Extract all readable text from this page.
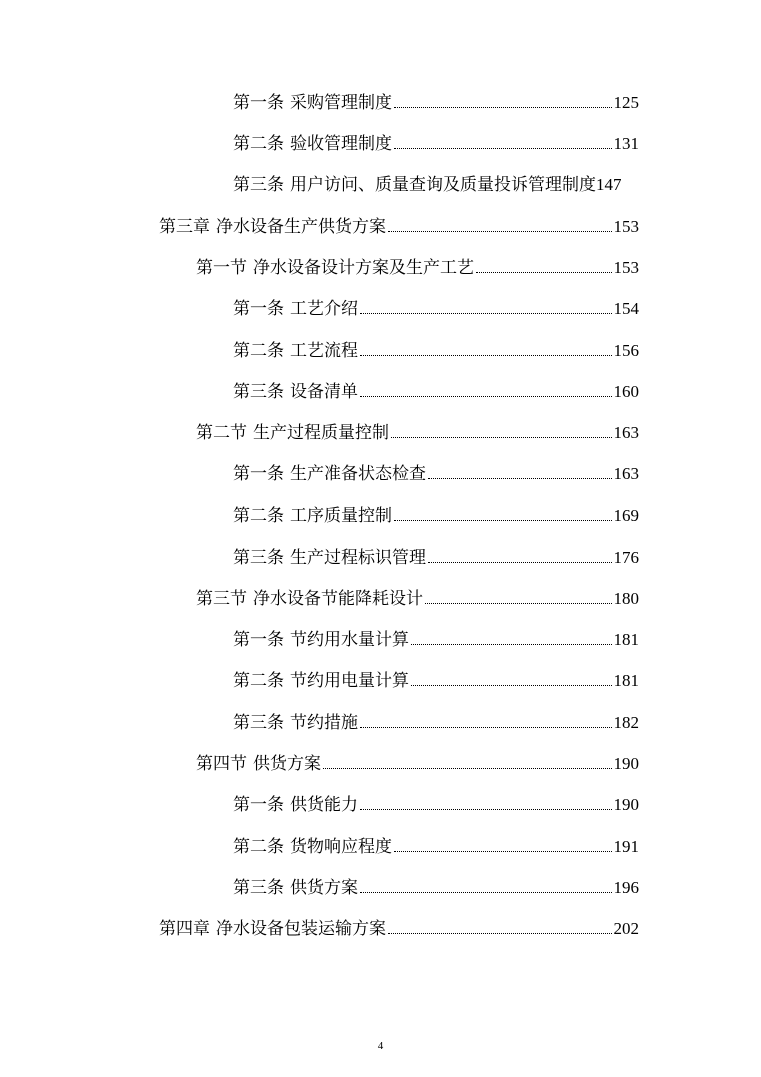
第一条 采购管理制度	125
第二条 验收管理制度	131
第三条 用户访问、质量查询及质量投诉管理制度 147
第三章 净水设备生产供货方案	153
第一节 净水设备设计方案及生产工艺	153
第一条 工艺介绍	154
第二条 工艺流程	156
第三条 设备清单	160
第二节 生产过程质量控制	163
第一条 生产准备状态检查	163
第二条 工序质量控制	169
第三条 生产过程标识管理	176
第三节 净水设备节能降耗设计	180
第一条 节约用水量计算	181
第二条 节约用电量计算	181
第三条 节约措施	182
第四节 供货方案	190
第一条 供货能力	190
第二条 货物响应程度	191
第三条 供货方案	196
第四章 净水设备包装运输方案	202
4
